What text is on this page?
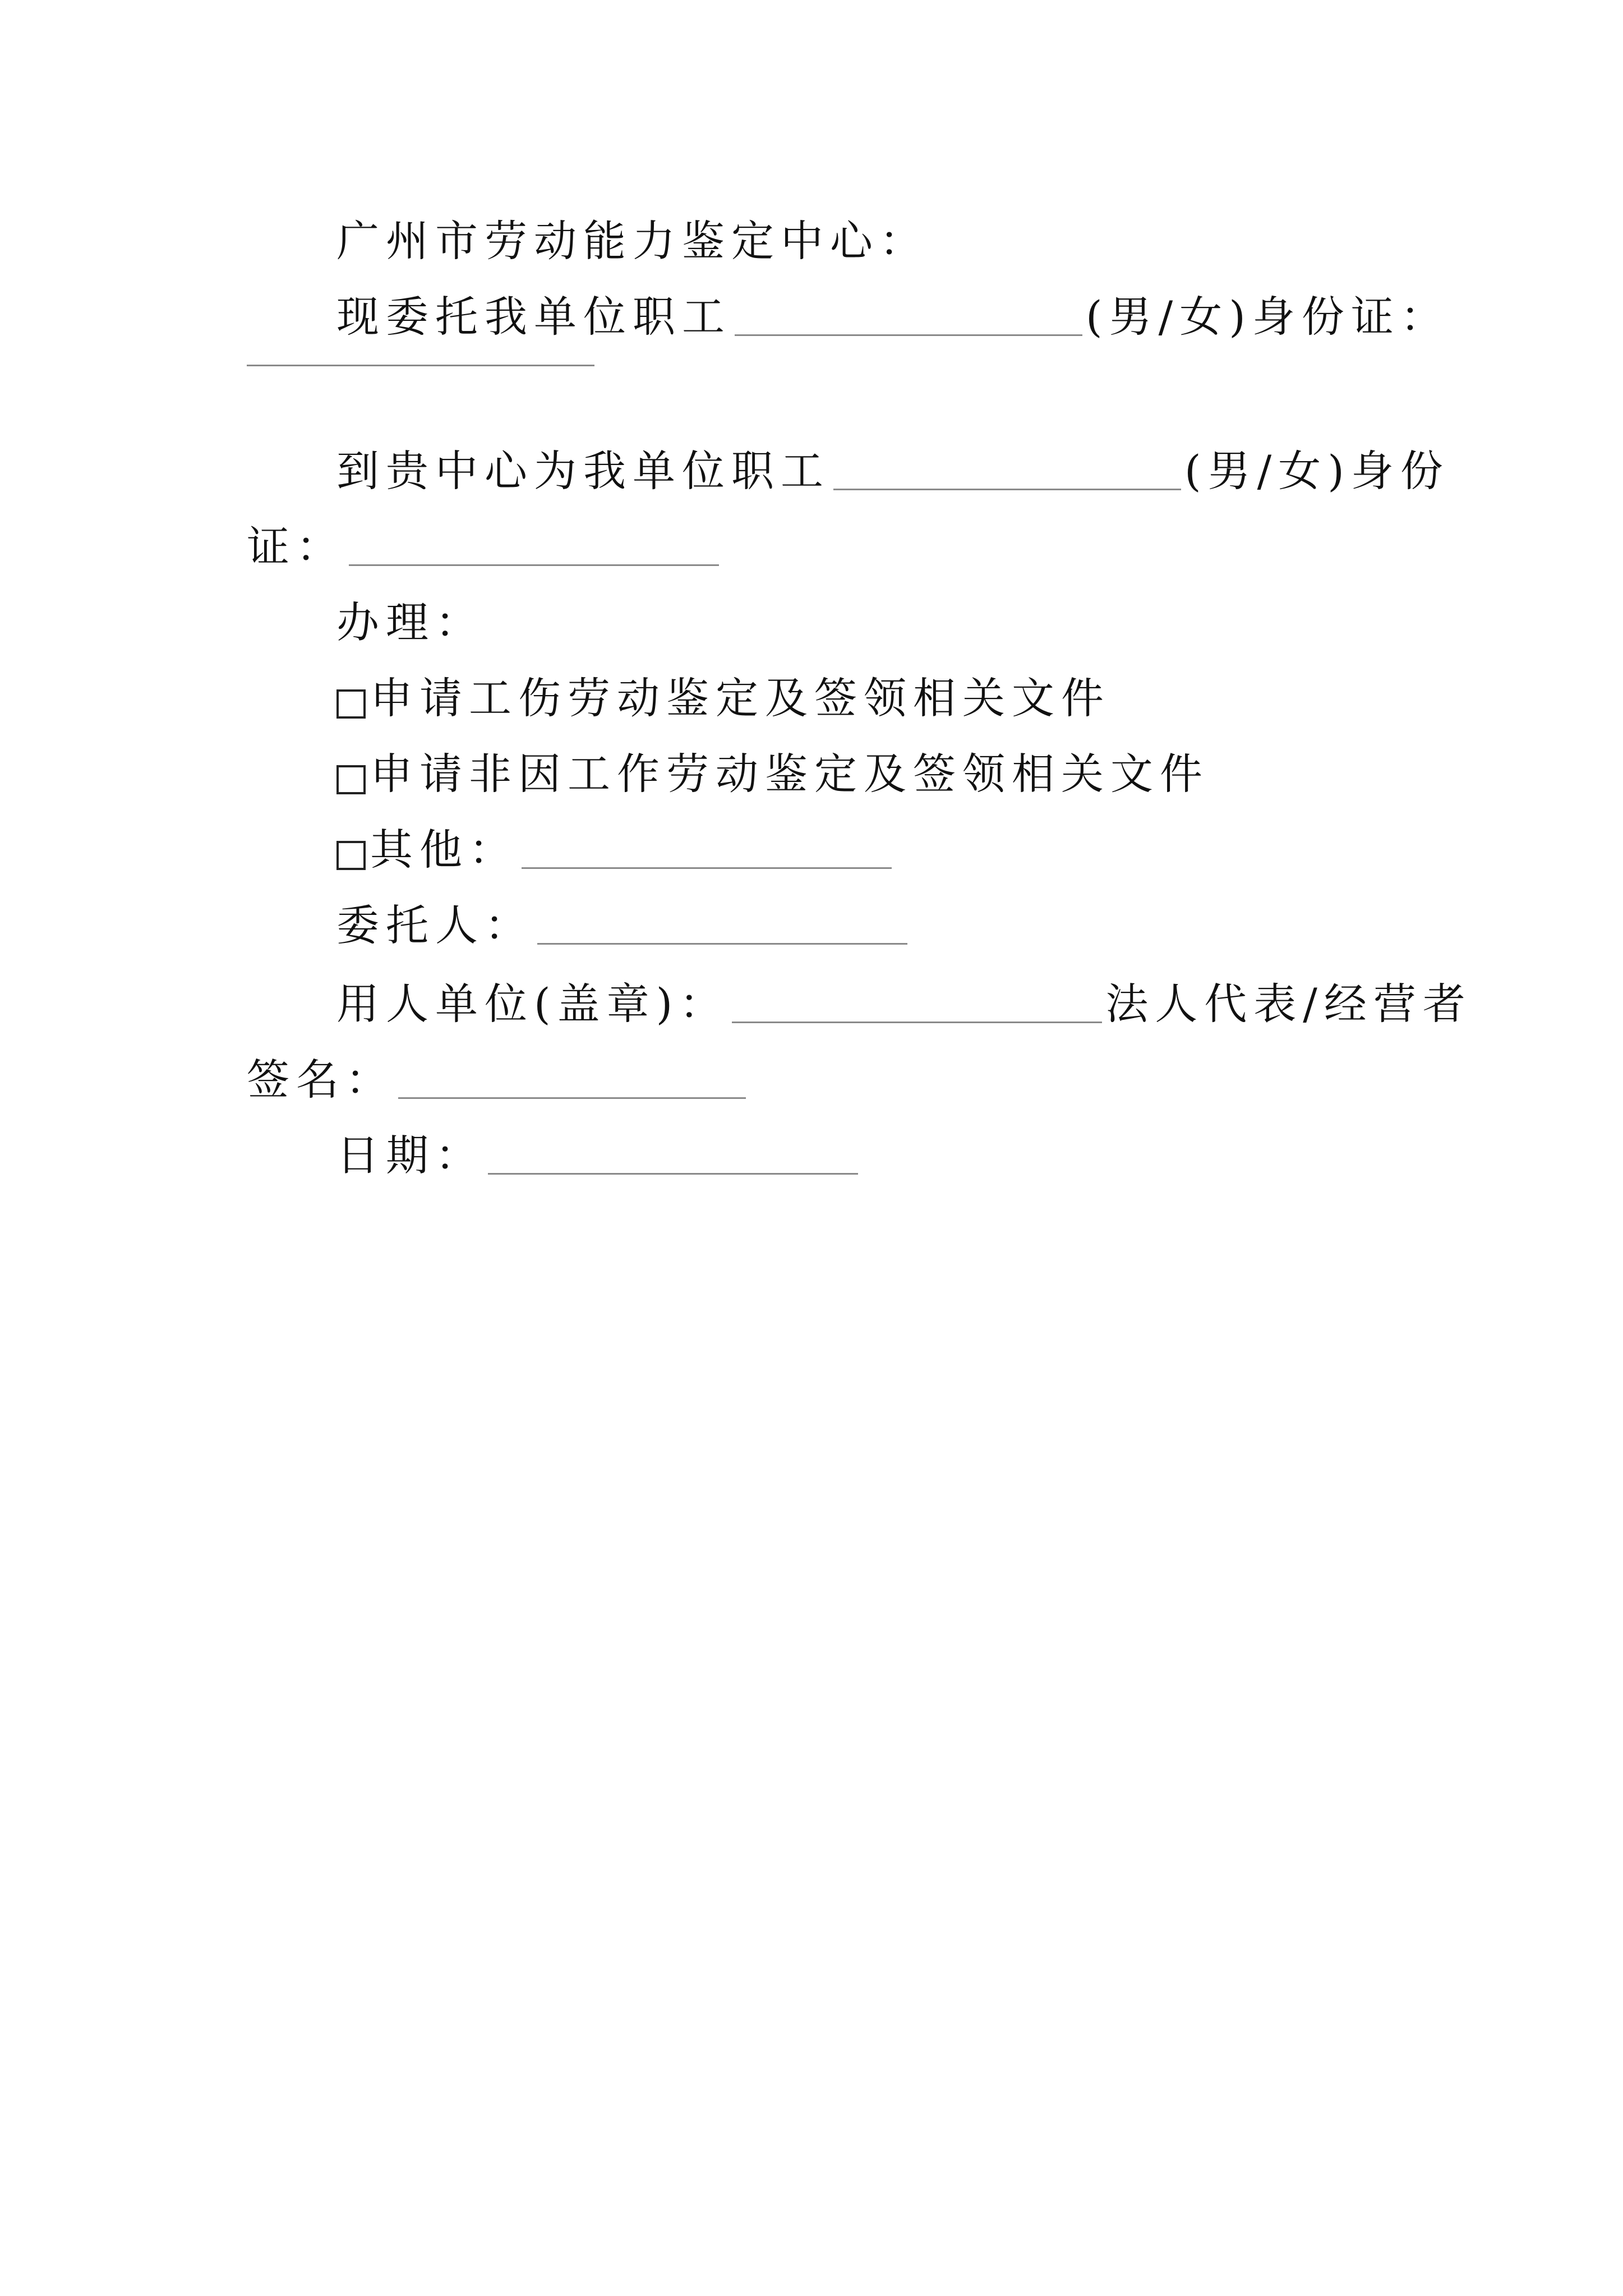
广州市劳动能力鉴定中心：
现委托我单位职工	(男/女)身份证：
到贵中心为我单位职工	(男/女)身份
证：
办理：
申请工伤劳动鉴定及签领相关文件
申请非因工作劳动鉴定及签领相关文件
其他：
委托人：
用人单位(盖章)：	法人代表/经营者
签名：
日期：
